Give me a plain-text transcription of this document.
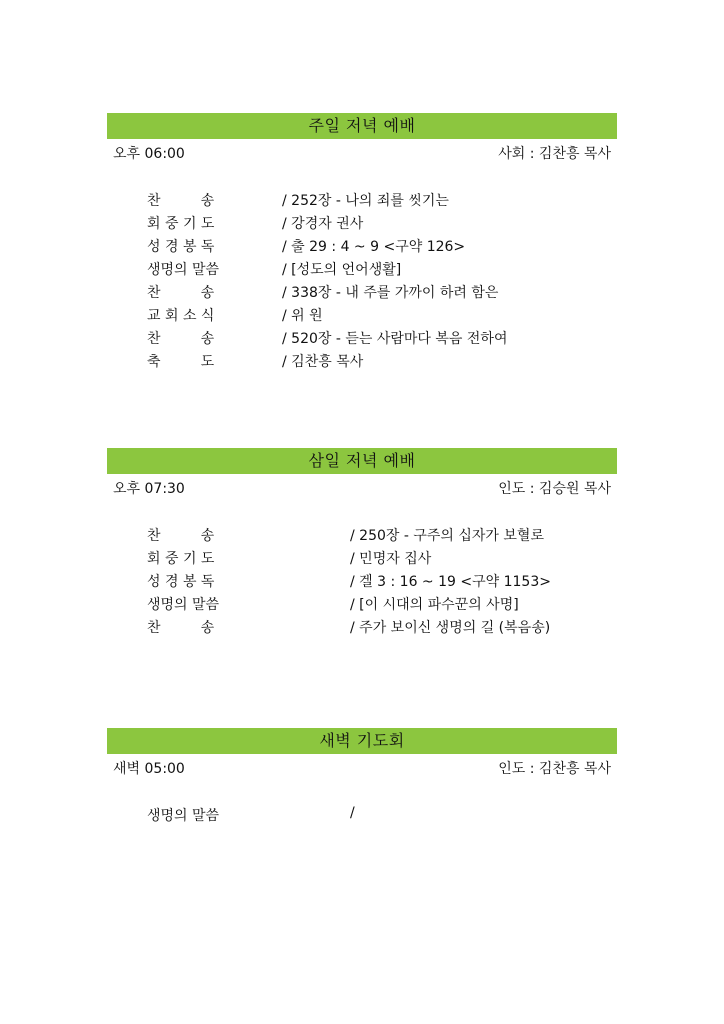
주일 저녁 예배
오후 06:00	사회 : 김찬흥 목사
찬         송	/ 252장 - 나의 죄를 씻기는
회 중 기 도	/ 강경자 권사
성 경 봉 독	/ 출 29 : 4 ~ 9 <구약 126>
생명의 말씀	/ [성도의 언어생활]
찬         송	/ 338장 - 내 주를 가까이 하려 함은
교 회 소 식	/ 위 원
찬         송	/ 520장 - 듣는 사람마다 복음 전하여
축         도	/ 김찬흥 목사
삼일 저녁 예배
오후 07:30	인도 : 김승원 목사
찬         송	/ 250장 - 구주의 십자가 보혈로
회 중 기 도	/ 민명자 집사
성 경 봉 독	/ 겔 3 : 16 ~ 19 <구약 1153>
생명의 말씀	/ [이 시대의 파수꾼의 사명]
찬         송	/ 주가 보이신 생명의 길 (복음송)
새벽 기도회
새벽 05:00	인도 : 김찬흥 목사
생명의 말씀	/
